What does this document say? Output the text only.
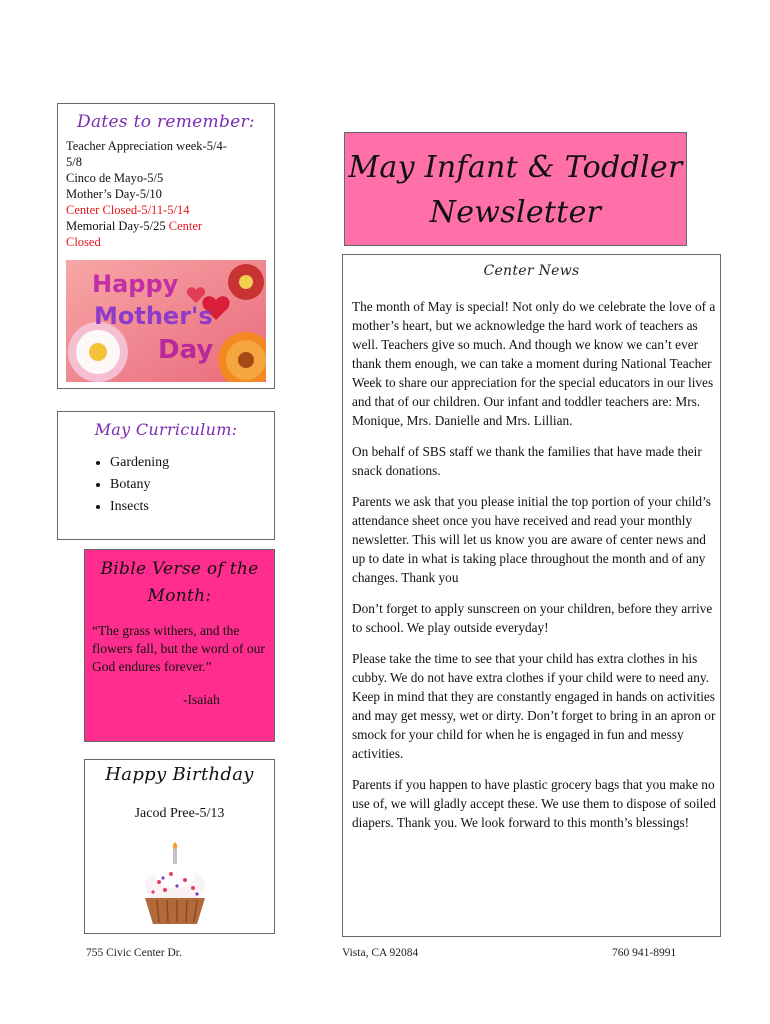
Dates to remember:
Teacher Appreciation week-5/4-
5/8
Cinco de Mayo-5/5
Mother’s Day-5/10
Center Closed-5/11-5/14
Memorial Day-5/25 Center
Closed
Happy
Mother's
Day
May Infant & Toddler Newsletter
Center News

The month of May is special! Not only do we celebrate the love of a mother’s heart, but we acknowledge the hard work of teachers as well. Teachers give so much. And though we know we can’t ever thank them enough, we can take a moment during National Teacher Week to share our appreciation for the special educators in our lives and that of our children. Our infant and toddler teachers are: Mrs. Monique, Mrs. Danielle and Mrs. Lillian.

On behalf of SBS staff we thank the families that have made their snack donations.

Parents we ask that you please initial the top portion of your child’s attendance sheet once you have received and read your monthly newsletter. This will let us know you are aware of center news and up to date in what is taking place throughout the month and of any changes. Thank you

Don’t forget to apply sunscreen on your children, before they arrive to school. We play outside everyday!

Please take the time to see that your child has extra clothes in his cubby. We do not have extra clothes if your child were to need any. Keep in mind that they are constantly engaged in hands on activities and may get messy, wet or dirty. Don’t forget to bring in an apron or smock for your child for when he is engaged in fun and messy activities.

Parents if you happen to have plastic grocery bags that you make no use of, we will gladly accept these. We use them to dispose of soiled diapers. Thank you. We look forward to this month’s blessings!

May Curriculum:
• Gardening
• Botany
• Insects
Bible Verse of the
Month:
“The grass withers, and the flowers fall, but the word of our God endures forever.”
-Isaiah
Happy Birthday
Jacod Pree-5/13
755 Civic Center Dr.	Vista, CA 92084	760 941-8991
